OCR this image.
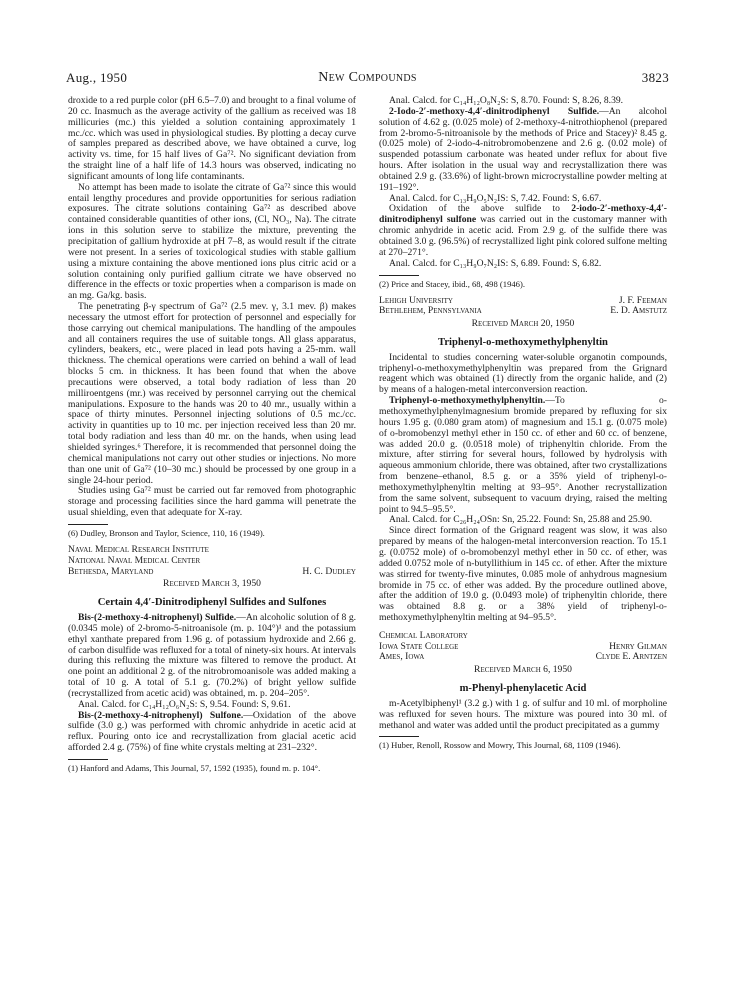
Aug., 1950	New Compounds	3823

droxide to a red purple color (pH 6.5–7.0) and brought to a final volume of 20 cc. Inasmuch as the average activity of the gallium as received was 18 millicuries (mc.) this yielded a solution containing approximately 1 mc./cc. which was used in physiological studies. By plotting a decay curve of samples prepared as described above, we have obtained a curve, log activity vs. time, for 15 half lives of Ga⁷². No significant deviation from the straight line of a half life of 14.3 hours was observed, indicating no significant amounts of long life contaminants.

No attempt has been made to isolate the citrate of Ga⁷² since this would entail lengthy procedures and provide opportunities for serious radiation exposures. The citrate solutions containing Ga⁷² as described above contained considerable quantities of other ions, (Cl, NO₃, Na). The citrate ions in this solution serve to stabilize the mixture, preventing the precipitation of gallium hydroxide at pH 7–8, as would result if the citrate were not present. In a series of toxicological studies with stable gallium using a mixture containing the above mentioned ions plus citric acid or a solution containing only purified gallium citrate we have observed no difference in the effects or toxic properties when a comparison is made on an mg. Ga/kg. basis.

The penetrating β-γ spectrum of Ga⁷² (2.5 mev. γ, 3.1 mev. β) makes necessary the utmost effort for protection of personnel and especially for those carrying out chemical manipulations. The handling of the ampoules and all containers requires the use of suitable tongs. All glass apparatus, cylinders, beakers, etc., were placed in lead pots having a 25-mm. wall thickness. The chemical operations were carried on behind a wall of lead blocks 5 cm. in thickness. It has been found that when the above precautions were observed, a total body radiation of less than 20 milliroentgens (mr.) was received by personnel carrying out the chemical manipulations. Exposure to the hands was 20 to 40 mr., usually within a space of thirty minutes. Personnel injecting solutions of 0.5 mc./cc. activity in quantities up to 10 mc. per injection received less than 20 mr. total body radiation and less than 40 mr. on the hands, when using lead shielded syringes.⁶ Therefore, it is recommended that personnel doing the chemical manipulations not carry out other studies or injections. No more than one unit of Ga⁷² (10–30 mc.) should be processed by one group in a single 24-hour period.

Studies using Ga⁷² must be carried out far removed from photographic storage and processing facilities since the hard gamma will penetrate the usual shielding, even that adequate for X-ray.

(6) Dudley, Bronson and Taylor, Science, 110, 16 (1949).

Naval Medical Research Institute
National Naval Medical Center
Bethesda, Maryland	H. C. Dudley
Received March 3, 1950
Certain 4,4′-Dinitrodiphenyl Sulfides and Sulfones

Bis-(2-methoxy-4-nitrophenyl) Sulfide.—An alcoholic solution of 8 g. (0.0345 mole) of 2-bromo-5-nitroanisole (m. p. 104°)¹ and the potassium ethyl xanthate prepared from 1.96 g. of potassium hydroxide and 2.66 g. of carbon disulfide was refluxed for a total of ninety-six hours. At intervals during this refluxing the mixture was filtered to remove the product. At one point an additional 2 g. of the nitrobromoanisole was added making a total of 10 g. A total of 5.1 g. (70.2%) of bright yellow sulfide (recrystallized from acetic acid) was obtained, m. p. 204–205°.

Anal. Calcd. for C₁₄H₁₂O₆N₂S: S, 9.54. Found: S, 9.61.

Bis-(2-methoxy-4-nitrophenyl) Sulfone.—Oxidation of the above sulfide (3.0 g.) was performed with chromic anhydride in acetic acid at reflux. Pouring onto ice and recrystallization from glacial acetic acid afforded 2.4 g. (75%) of fine white crystals melting at 231–232°.

(1) Hanford and Adams, This Journal, 57, 1592 (1935), found m. p. 104°.

Anal. Calcd. for C₁₄H₁₂O₈N₂S: S, 8.70. Found: S, 8.26, 8.39.

2-Iodo-2′-methoxy-4,4′-dinitrodiphenyl Sulfide.—An alcohol solution of 4.62 g. (0.025 mole) of 2-methoxy-4-nitrothiophenol (prepared from 2-bromo-5-nitroanisole by the methods of Price and Stacey)² 8.45 g. (0.025 mole) of 2-iodo-4-nitrobromobenzene and 2.6 g. (0.02 mole) of suspended potassium carbonate was heated under reflux for about five hours. After isolation in the usual way and recrystallization there was obtained 2.9 g. (33.6%) of light-brown microcrystalline powder melting at 191–192°.

Anal. Calcd. for C₁₃H₉O₅N₂IS: S, 7.42. Found: S, 6.67.

Oxidation of the above sulfide to 2-iodo-2′-methoxy-4,4′-dinitrodiphenyl sulfone was carried out in the customary manner with chromic anhydride in acetic acid. From 2.9 g. of the sulfide there was obtained 3.0 g. (96.5%) of recrystallized light pink colored sulfone melting at 270–271°.

Anal. Calcd. for C₁₃H₉O₇N₂IS: S, 6.89. Found: S, 6.82.

(2) Price and Stacey, ibid., 68, 498 (1946).

Lehigh University	J. F. Feeman
Bethlehem, Pennsylvania	E. D. Amstutz
Received March 20, 1950
Triphenyl-o-methoxymethylphenyltin

Incidental to studies concerning water-soluble organotin compounds, triphenyl-o-methoxymethylphenyltin was prepared from the Grignard reagent which was obtained (1) directly from the organic halide, and (2) by means of a halogen-metal interconversion reaction.

Triphenyl-o-methoxymethylphenyltin.—To o-methoxymethylphenylmagnesium bromide prepared by refluxing for six hours 1.95 g. (0.080 gram atom) of magnesium and 15.1 g. (0.075 mole) of o-bromobenzyl methyl ether in 150 cc. of ether and 60 cc. of benzene, was added 20.0 g. (0.0518 mole) of triphenyltin chloride. From the mixture, after stirring for several hours, followed by hydrolysis with aqueous ammonium chloride, there was obtained, after two crystallizations from benzene–ethanol, 8.5 g. or a 35% yield of triphenyl-o-methoxymethylphenyltin melting at 93–95°. Another recrystallization from the same solvent, subsequent to vacuum drying, raised the melting point to 94.5–95.5°.

Anal. Calcd. for C₂₆H₂₄OSn: Sn, 25.22. Found: Sn, 25.88 and 25.90.

Since direct formation of the Grignard reagent was slow, it was also prepared by means of the halogen-metal interconversion reaction. To 15.1 g. (0.0752 mole) of o-bromobenzyl methyl ether in 50 cc. of ether, was added 0.0752 mole of n-butyllithium in 145 cc. of ether. After the mixture was stirred for twenty-five minutes, 0.085 mole of anhydrous magnesium bromide in 75 cc. of ether was added. By the procedure outlined above, after the addition of 19.0 g. (0.0493 mole) of triphenyltin chloride, there was obtained 8.8 g. or a 38% yield of triphenyl-o-methoxymethylphenyltin melting at 94–95.5°.

Chemical Laboratory
Iowa State College	Henry Gilman
Ames, Iowa	Clyde E. Arntzen
Received March 6, 1950
m-Phenyl-phenylacetic Acid

m-Acetylbiphenyl¹ (3.2 g.) with 1 g. of sulfur and 10 ml. of morpholine was refluxed for seven hours. The mixture was poured into 30 ml. of methanol and water was added until the product precipitated as a gummy

(1) Huber, Renoll, Rossow and Mowry, This Journal, 68, 1109 (1946).
